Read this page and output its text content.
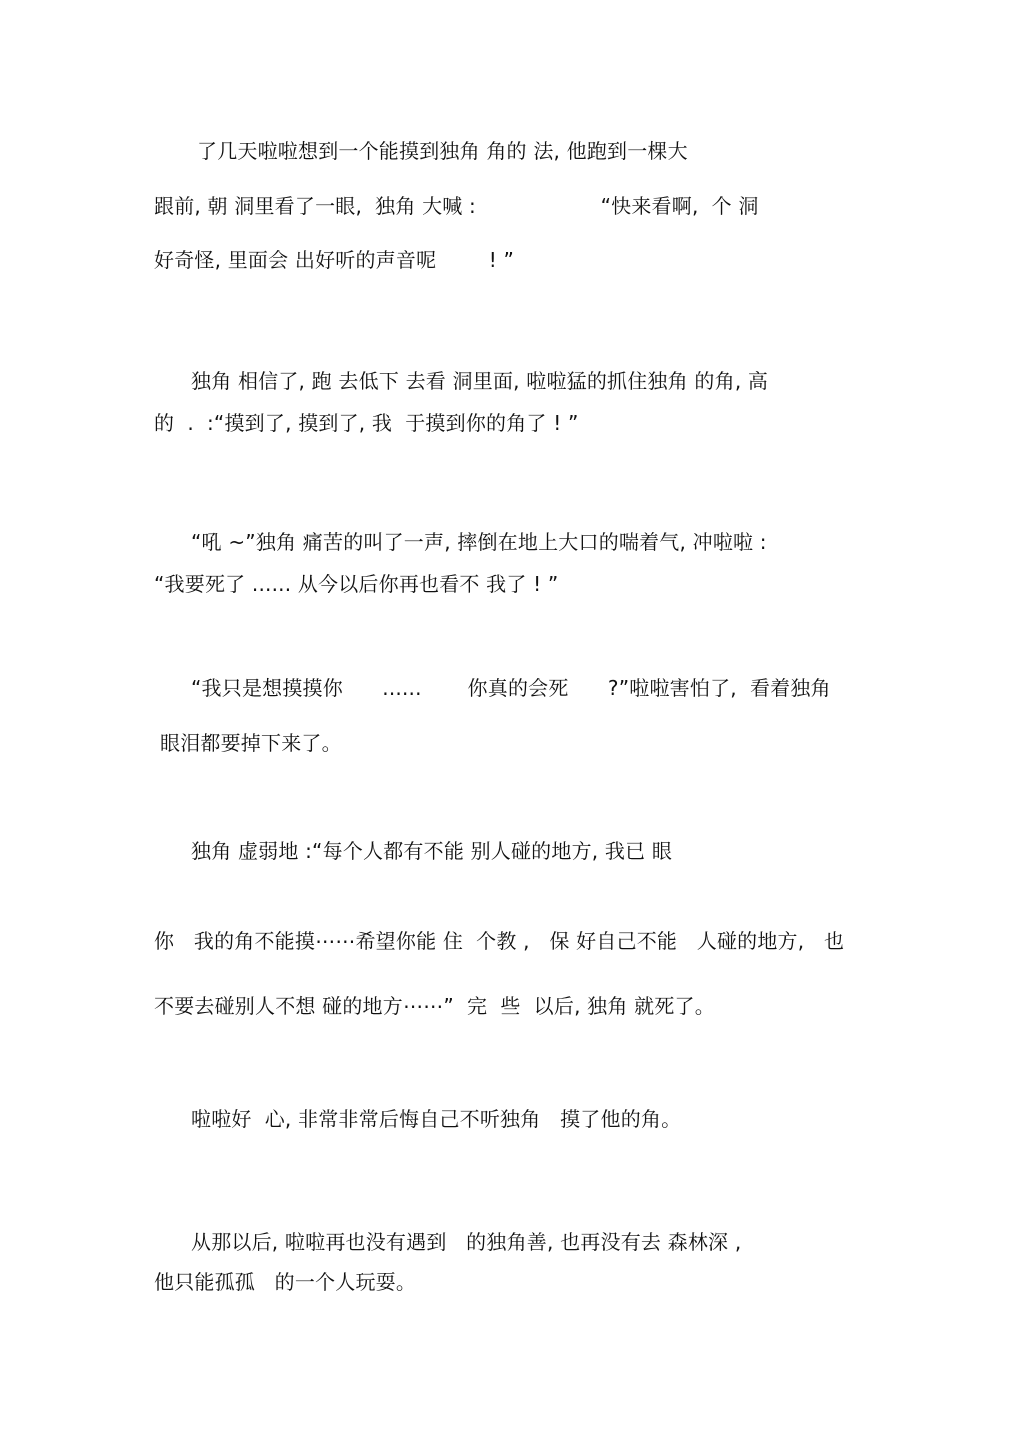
了几天啦啦想到一个能摸到独角 角的 法, 他跑到一棵大
跟前, 朝 洞里看了一眼,  独角 大喊 :                   “快来看啊,  个 洞
好奇怪, 里面会 出好听的声音呢        ! ”
独角 相信了, 跑 去低下 去看 洞里面, 啦啦猛的抓住独角 的角, 高
的  .  :“摸到了, 摸到了, 我  于摸到你的角了 ! ”
“吼 ~”独角 痛苦的叫了一声, 摔倒在地上大口的喘着气, 冲啦啦 :
“我要死了 ...... 从今以后你再也看不 我了 ! ”
“我只是想摸摸你      ......       你真的会死      ?”啦啦害怕了,  看着独角
眼泪都要掉下来了。
独角 虚弱地 :“每个人都有不能 别人碰的地方, 我已 眼
你   我的角不能摸⋯⋯希望你能 住  个教 ,   保 好自己不能   人碰的地方,   也
不要去碰别人不想 碰的地方⋯⋯”  完  些  以后, 独角 就死了。
啦啦好  心, 非常非常后悔自己不听独角   摸了他的角。
从那以后, 啦啦再也没有遇到   的独角善, 也再没有去 森林深 ,
他只能孤孤   的一个人玩耍。
